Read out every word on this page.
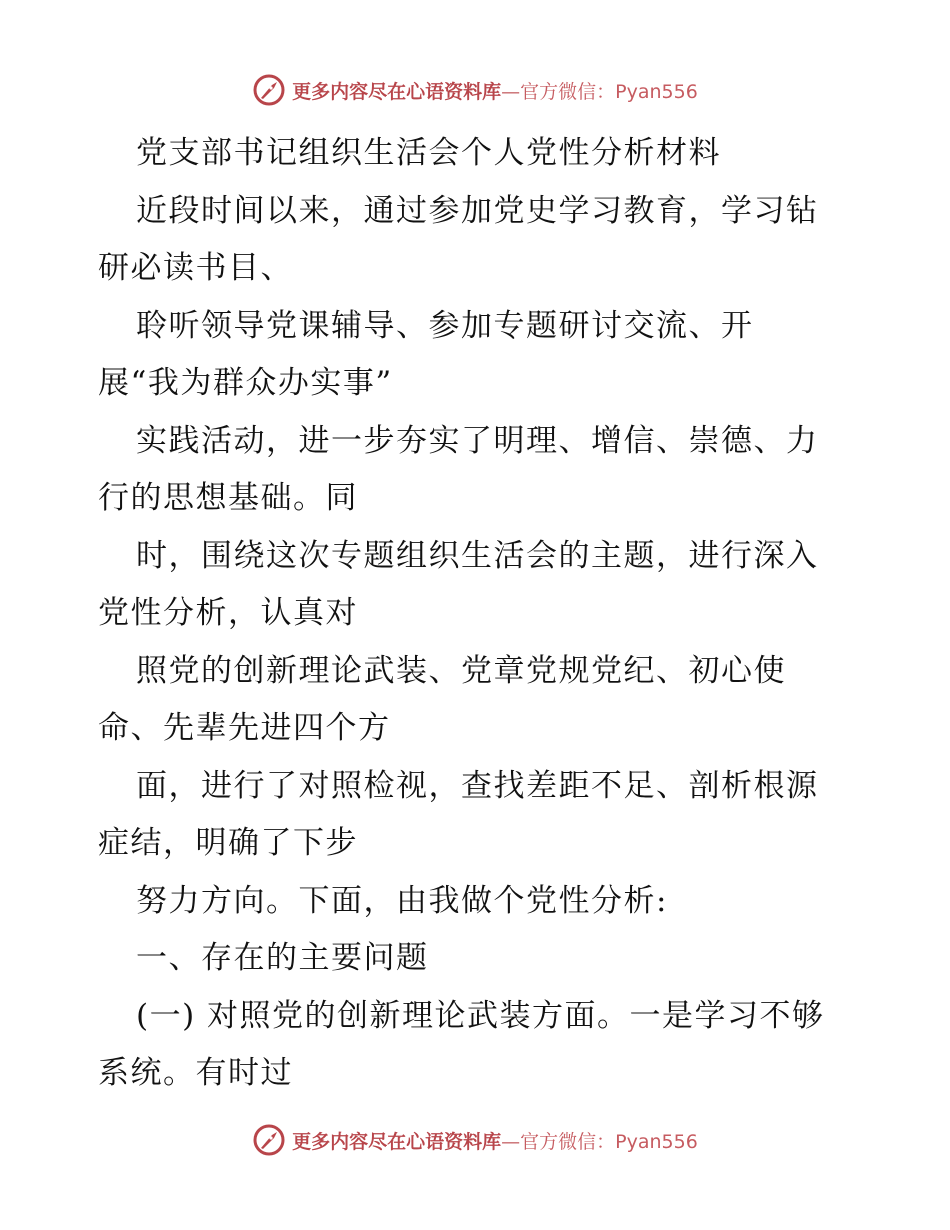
更多内容尽在心语资料库 — 官方微信：Pyan556

党支部书记组织生活会个人党性分析材料

近段时间以来，通过参加党史学习教育，学习钻

研必读书目、

聆听领导党课辅导、参加专题研讨交流、开

展“我为群众办实事”

实践活动，进一步夯实了明理、增信、崇德、力

行的思想基础。同

时，围绕这次专题组织生活会的主题，进行深入

党性分析，认真对

照党的创新理论武装、党章党规党纪、初心使

命、先辈先进四个方

面，进行了对照检视，查找差距不足、剖析根源

症结，明确了下步

努力方向。下面，由我做个党性分析:

一、存在的主要问题

(一) 对照党的创新理论武装方面。一是学习不够

系统。有时过

更多内容尽在心语资料库 — 官方微信：Pyan556
